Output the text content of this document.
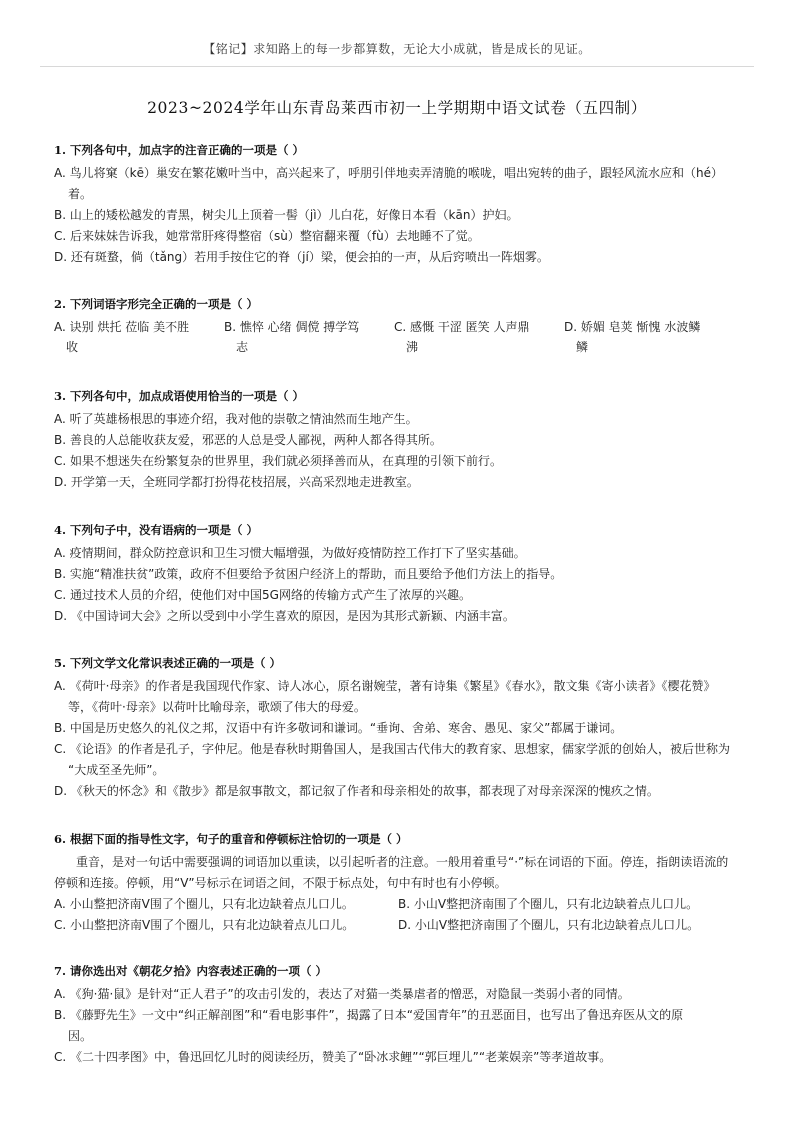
【铭记】求知路上的每一步都算数，无论大小成就，皆是成长的见证。
2023~2024学年山东青岛莱西市初一上学期期中语文试卷（五四制）
1. 下列各句中，加点字的注音正确的一项是（ ）
A. 鸟儿将窠（kē）巢安在繁花嫩叶当中，高兴起来了，呼朋引伴地卖弄清脆的喉咙，唱出宛转的曲子，跟轻风流水应和（hé）
着。
B. 山上的矮松越发的青黑，树尖儿上顶着一髻（jì）儿白花，好像日本看（kān）护妇。
C. 后来妹妹告诉我，她常常肝疼得整宿（sù）整宿翻来覆（fù）去地睡不了觉。
D. 还有斑蝥，倘（tǎng）若用手按住它的脊（jí）梁，便会拍的一声，从后窍喷出一阵烟雾。
2. 下列词语字形完全正确的一项是（ ）
A. 诀别 烘托 莅临 美不胜
收
B. 憔悴 心绪 倜傥 搏学笃
志
C. 感慨 干涩 匿笑 人声鼎
沸
D. 娇媚 皂荚 惭愧 水波鳞
鳞
3. 下列各句中，加点成语使用恰当的一项是（ ）
A. 听了英雄杨根思的事迹介绍，我对他的崇敬之情油然而生地产生。
B. 善良的人总能收获友爱，邪恶的人总是受人鄙视，两种人都各得其所。
C. 如果不想迷失在纷繁复杂的世界里，我们就必须择善而从，在真理的引领下前行。
D. 开学第一天，全班同学都打扮得花枝招展，兴高采烈地走进教室。
4. 下列句子中，没有语病的一项是（ ）
A. 疫情期间，群众防控意识和卫生习惯大幅增强，为做好疫情防控工作打下了坚实基础。
B. 实施“精准扶贫”政策，政府不但要给予贫困户经济上的帮助，而且要给予他们方法上的指导。
C. 通过技术人员的介绍，使他们对中国5G网络的传输方式产生了浓厚的兴趣。
D. 《中国诗词大会》之所以受到中小学生喜欢的原因，是因为其形式新颖、内涵丰富。
5. 下列文学文化常识表述正确的一项是（ ）
A. 《荷叶·母亲》的作者是我国现代作家、诗人冰心，原名谢婉莹，著有诗集《繁星》《春水》，散文集《寄小读者》《樱花赞》
等，《荷叶·母亲》以荷叶比喻母亲，歌颂了伟大的母爱。
B. 中国是历史悠久的礼仪之邦，汉语中有许多敬词和谦词。“垂询、舍弟、寒舍、愚见、家父”都属于谦词。
C. 《论语》的作者是孔子，字仲尼。他是春秋时期鲁国人，是我国古代伟大的教育家、思想家，儒家学派的创始人，被后世称为
“大成至圣先师”。
D. 《秋天的怀念》和《散步》都是叙事散文，都记叙了作者和母亲相处的故事，都表现了对母亲深深的愧疚之情。
6. 根据下面的指导性文字，句子的重音和停顿标注恰切的一项是（ ）
重音，是对一句话中需要强调的词语加以重读，以引起听者的注意。一般用着重号“·”标在词语的下面。停连，指朗读语流的
停顿和连接。停顿，用“V”号标示在词语之间，不限于标点处，句中有时也有小停顿。
A. 小山整把济南V围了个圈儿，只有北边缺着点儿口儿。	B. 小山V整把济南围了个圈儿，只有北边缺着点儿口儿。
C. 小山整把济南V围了个圈儿，只有北边缺着点儿口儿。	D. 小山V整把济南围了个圈儿，只有北边缺着点儿口儿。
7. 请你选出对《朝花夕拾》内容表述正确的一项（ ）
A. 《狗·猫·鼠》是针对“正人君子”的攻击引发的，表达了对猫一类暴虐者的憎恶，对隐鼠一类弱小者的同情。
B. 《藤野先生》一文中“纠正解剖图”和“看电影事件”，揭露了日本“爱国青年”的丑恶面目，也写出了鲁迅弃医从文的原
因。
C. 《二十四孝图》中，鲁迅回忆儿时的阅读经历，赞美了“卧冰求鲤”“郭巨埋儿”“老莱娱亲”等孝道故事。
